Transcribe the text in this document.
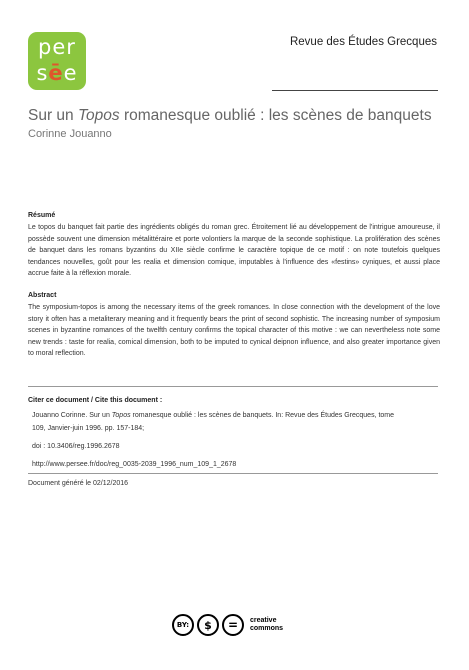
per
sēe
Revue des Études Grecques
Sur un Topos romanesque oublié : les scènes de banquets
Corinne Jouanno
Résumé

Le topos du banquet fait partie des ingrédients obligés du roman grec. Étroitement lié au développement de l'intrigue amoureuse, il possède souvent une dimension métalittéraire et porte volontiers la marque de la seconde sophistique. La prolifération des scènes de banquet dans les romans byzantins du XIIe siècle confirme le caractère topique de ce motif : on note toutefois quelques tendances nouvelles, goût pour les realia et dimension comique, imputables à l'influence des «festins» cyniques, et aussi place accrue faite à la réflexion morale.

Abstract

The symposium-topos is among the necessary items of the greek romances. In close connection with the development of the love story it often has a metaliterary meaning and it frequently bears the print of second sophistic. The increasing number of symposium scenes in byzantine romances of the twelfth century confirms the topical character of this motive : we can nevertheless note some new trends : taste for realia, comical dimension, both to be imputed to cynical deipnon influence, and also greater importance given to moral reflection.

Citer ce document / Cite this document :
Jouanno Corinne. Sur un Topos romanesque oublié : les scènes de banquets. In: Revue des Études Grecques, tome
109, Janvier-juin 1996. pp. 157-184;
doi : 10.3406/reg.1996.2678
http://www.persee.fr/doc/reg_0035-2039_1996_num_109_1_2678
Document généré le 02/12/2016
BY:	$	=	creative
commons
